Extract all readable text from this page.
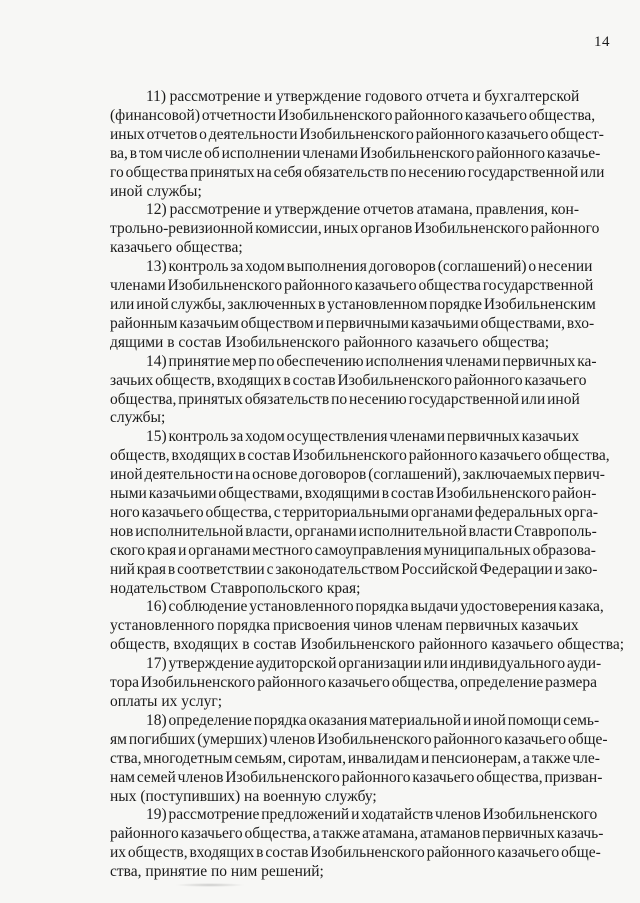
14

11) рассмотрение и утверждение годового отчета и бухгалтерской
(финансовой) отчетности Изобильненского районного казачьего общества,
иных отчетов о деятельности Изобильненского районного казачьего общест-
ва, в том числе об исполнении членами Изобильненского районного казачье-
го общества принятых на себя обязательств по несению государственной или
иной службы;

12) рассмотрение и утверждение отчетов атамана, правления, кон-
трольно-ревизионной комиссии, иных органов Изобильненского районного
казачьего общества;

13) контроль за ходом выполнения договоров (соглашений) о несении
членами Изобильненского районного казачьего общества государственной
или иной службы, заключенных в установленном порядке Изобильненским
районным казачьим обществом и первичными казачьими обществами, вхо-
дящими в состав Изобильненского районного казачьего общества;

14) принятие мер по обеспечению исполнения членами первичных ка-
зачьих обществ, входящих в состав Изобильненского районного казачьего
общества, принятых обязательств по несению государственной или иной
службы;

15) контроль за ходом осуществления членами первичных казачьих
обществ, входящих в состав Изобильненского районного казачьего общества,
иной деятельности на основе договоров (соглашений), заключаемых первич-
ными казачьими обществами, входящими в состав Изобильненского район-
ного казачьего общества, с территориальными органами федеральных орга-
нов исполнительной власти, органами исполнительной власти Ставрополь-
ского края и органами местного самоуправления муниципальных образова-
ний края в соответствии с законодательством Российской Федерации и зако-
нодательством Ставропольского края;

16) соблюдение установленного порядка выдачи удостоверения казака,
установленного порядка присвоения чинов членам первичных казачьих
обществ, входящих в состав Изобильненского районного казачьего общества;

17) утверждение аудиторской организации или индивидуального ауди-
тора Изобильненского районного казачьего общества, определение размера
оплаты их услуг;

18) определение порядка оказания материальной и иной помощи семь-
ям погибших (умерших) членов Изобильненского районного казачьего обще-
ства, многодетным семьям, сиротам, инвалидам и пенсионерам, а также чле-
нам семей членов Изобильненского районного казачьего общества, призван-
ных (поступивших) на военную службу;

19) рассмотрение предложений и ходатайств членов Изобильненского
районного казачьего общества, а также атамана, атаманов первичных казачь-
их обществ, входящих в состав Изобильненского районного казачьего обще-
ства, принятие по ним решений;
